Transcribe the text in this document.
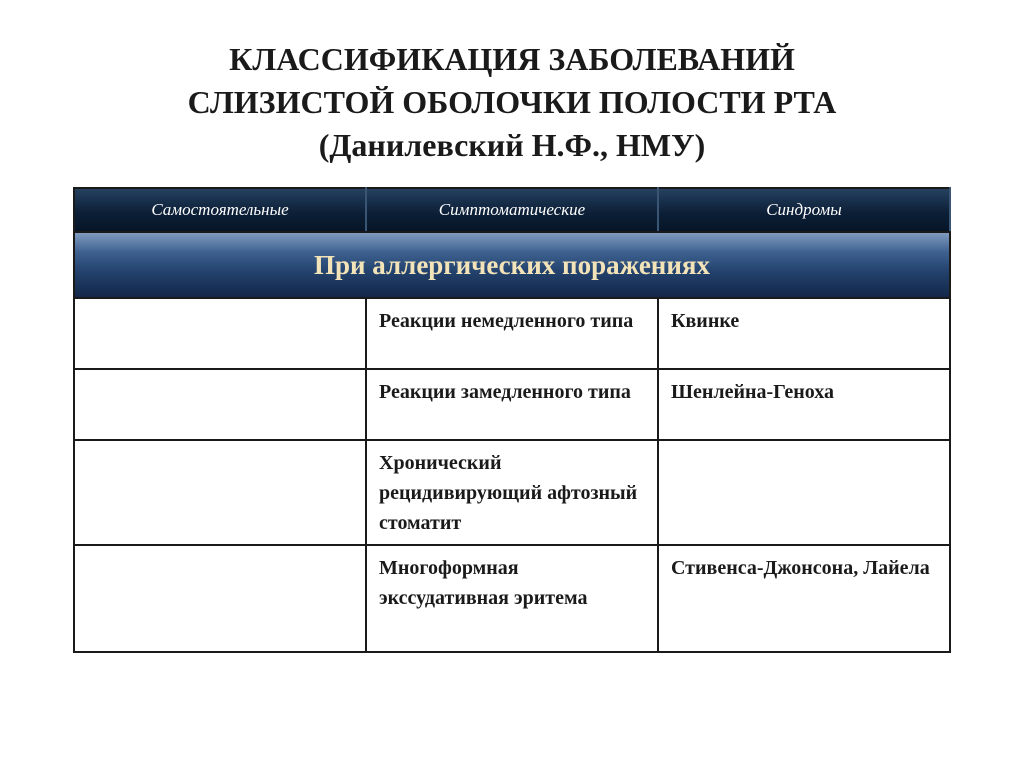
КЛАССИФИКАЦИЯ ЗАБОЛЕВАНИЙ
СЛИЗИСТОЙ ОБОЛОЧКИ ПОЛОСТИ РТА
(Данилевский Н.Ф., НМУ)
Самостоятельные	Симптоматические	Синдромы
При аллергических поражениях		
	Реакции немедленного типа	Квинке
	Реакции замедленного типа	Шенлейна-Геноха
	Хронический рецидивирующий афтозный стоматит	
	Многоформная экссудативная эритема	Стивенса-Джонсона, Лайела
